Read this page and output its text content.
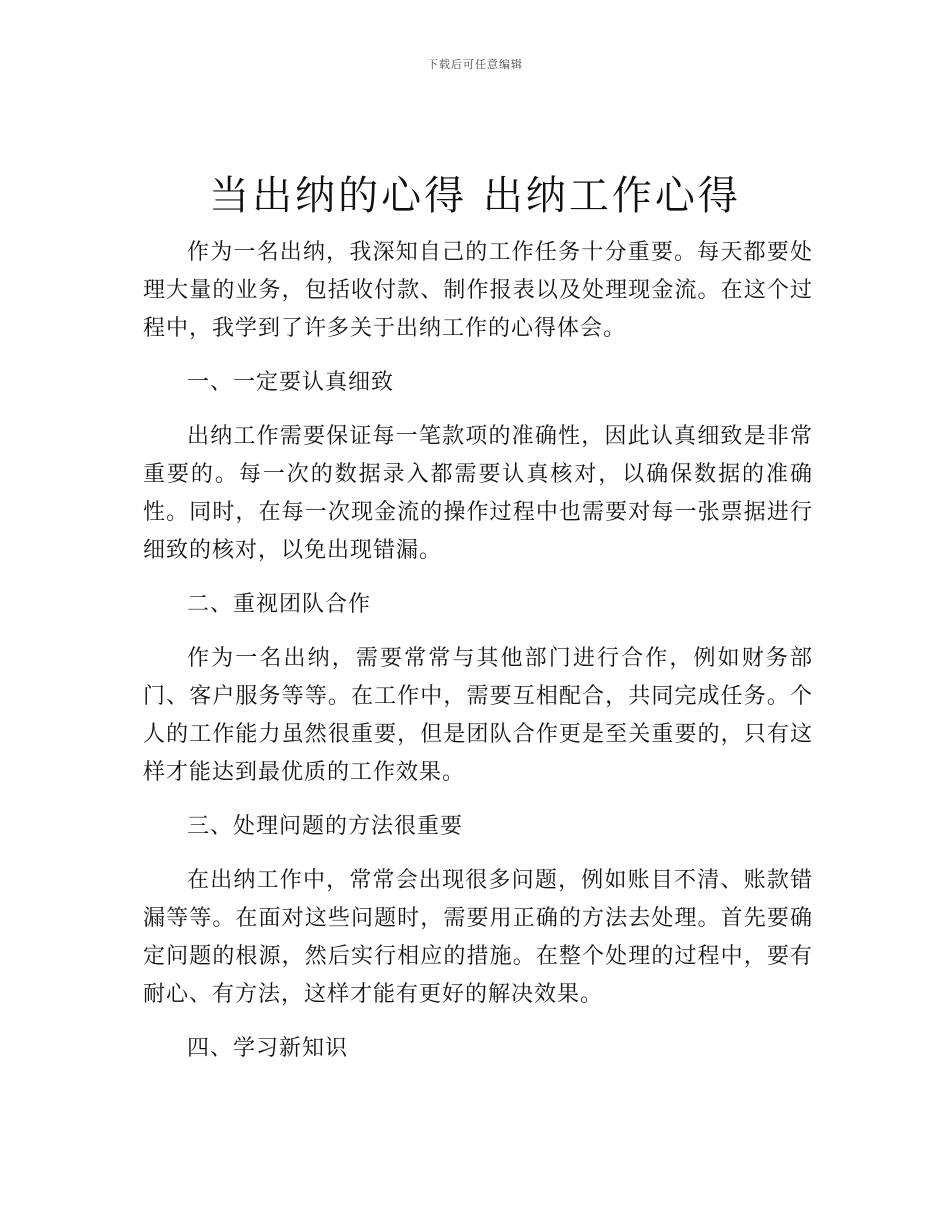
下载后可任意编辑
当出纳的心得 出纳工作心得

作为一名出纳，我深知自己的工作任务十分重要。每天都要处理大量的业务，包括收付款、制作报表以及处理现金流。在这个过程中，我学到了许多关于出纳工作的心得体会。

一、一定要认真细致

出纳工作需要保证每一笔款项的准确性，因此认真细致是非常重要的。每一次的数据录入都需要认真核对，以确保数据的准确性。同时，在每一次现金流的操作过程中也需要对每一张票据进行细致的核对，以免出现错漏。

二、重视团队合作

作为一名出纳，需要常常与其他部门进行合作，例如财务部门、客户服务等等。在工作中，需要互相配合，共同完成任务。个人的工作能力虽然很重要，但是团队合作更是至关重要的，只有这样才能达到最优质的工作效果。

三、处理问题的方法很重要

在出纳工作中，常常会出现很多问题，例如账目不清、账款错漏等等。在面对这些问题时，需要用正确的方法去处理。首先要确定问题的根源，然后实行相应的措施。在整个处理的过程中，要有耐心、有方法，这样才能有更好的解决效果。

四、学习新知识
